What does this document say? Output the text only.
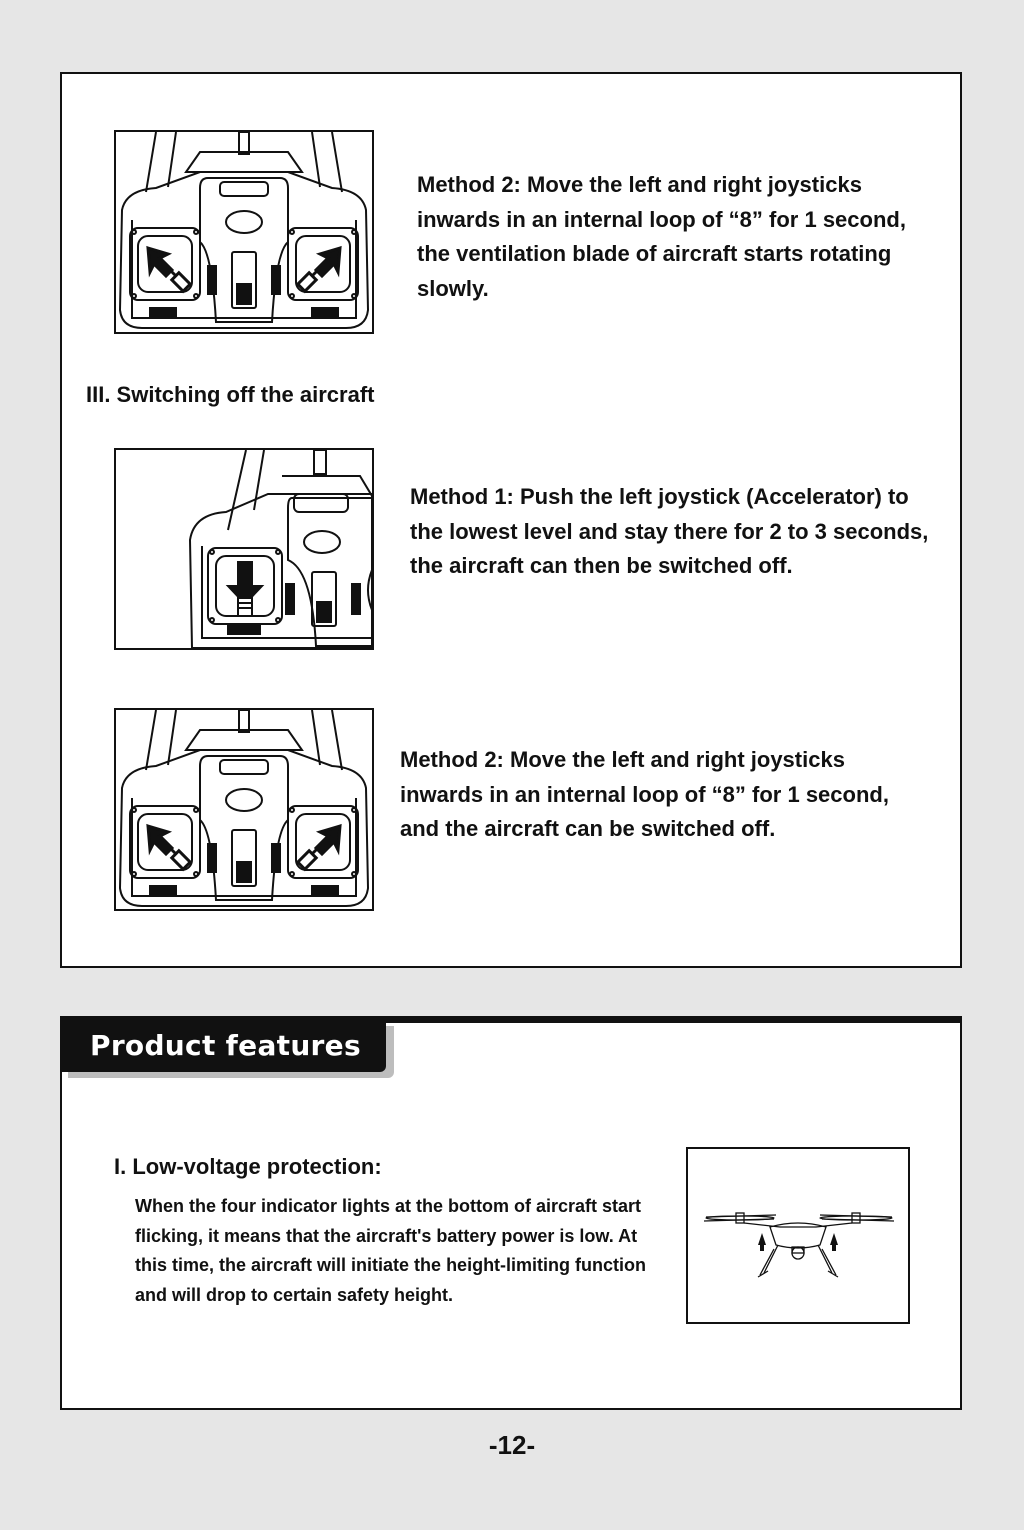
Method 2: Move the left and right joysticks inwards in an internal loop of “8” for 1 second, the ventilation blade of aircraft starts rotating slowly.

III. Switching off the aircraft

Method 1: Push the left joystick (Accelerator) to the lowest level and stay there for 2 to 3 seconds, the aircraft can then be switched off.

Method 2: Move the left and right joysticks inwards in an internal loop of “8” for 1 second, and the aircraft can be switched off.

Product features
I. Low-voltage protection:

When the four indicator lights at the bottom of aircraft start flicking, it means that the aircraft's battery power is low. At this time, the aircraft will initiate the height-limiting function and will drop to certain safety height.

-12-
